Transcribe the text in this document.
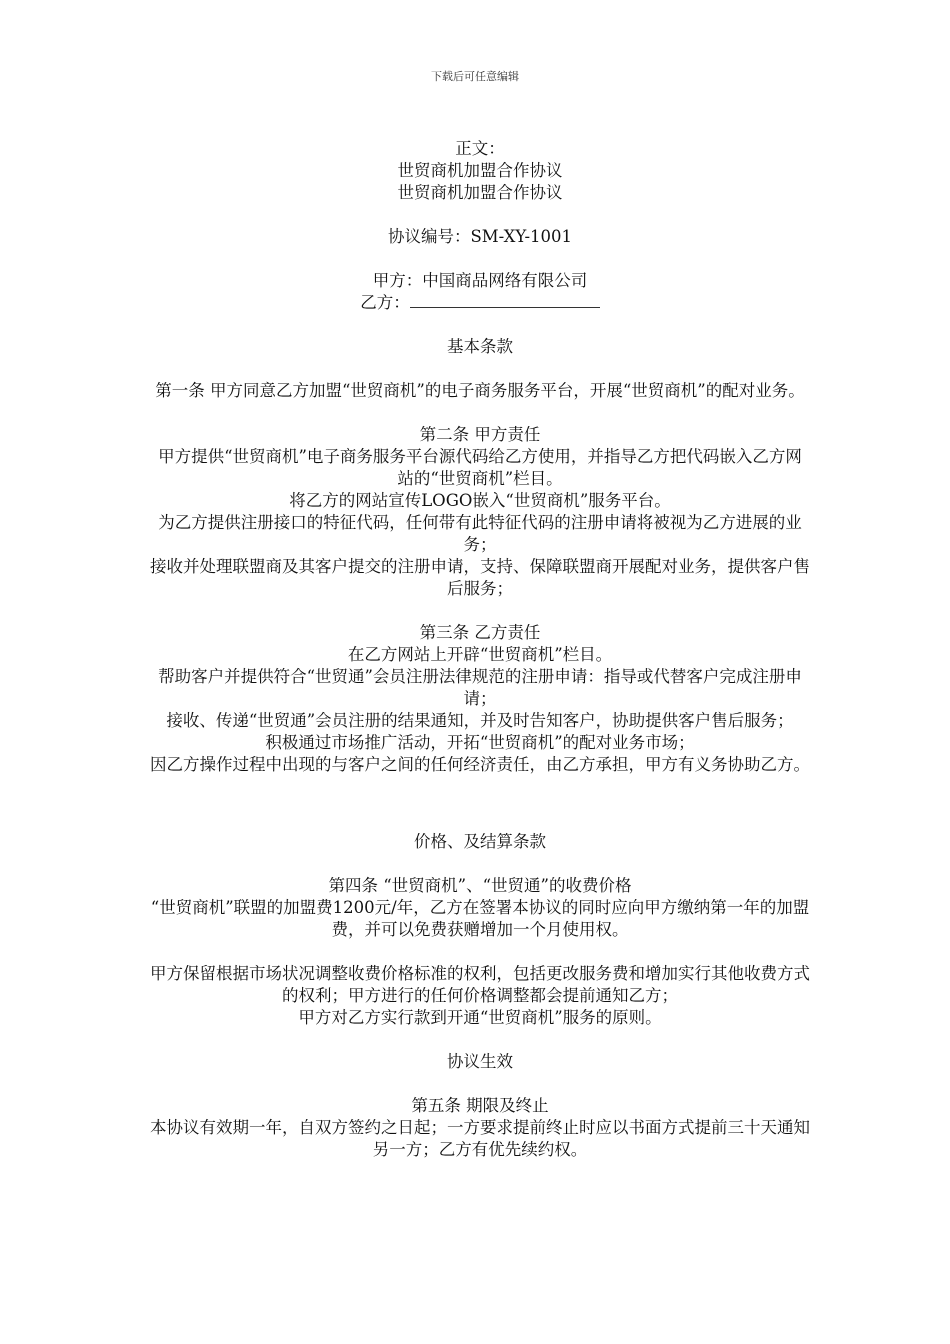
下载后可任意编辑

正文：

世贸商机加盟合作协议

世贸商机加盟合作协议

协议编号：SM-XY-1001

甲方：中国商品网络有限公司

乙方：

基本条款

第一条 甲方同意乙方加盟“世贸商机”的电子商务服务平台，开展“世贸商机”的配对业务。

第二条 甲方责任

甲方提供“世贸商机”电子商务服务平台源代码给乙方使用，并指导乙方把代码嵌入乙方网站的“世贸商机”栏目。

将乙方的网站宣传LOGO嵌入“世贸商机”服务平台。

为乙方提供注册接口的特征代码，任何带有此特征代码的注册申请将被视为乙方进展的业务；

接收并处理联盟商及其客户提交的注册申请，支持、保障联盟商开展配对业务，提供客户售后服务；

第三条 乙方责任

在乙方网站上开辟“世贸商机”栏目。

帮助客户并提供符合“世贸通”会员注册法律规范的注册申请：指导或代替客户完成注册申请；

接收、传递“世贸通”会员注册的结果通知，并及时告知客户，协助提供客户售后服务；

积极通过市场推广活动，开拓“世贸商机”的配对业务市场；

因乙方操作过程中出现的与客户之间的任何经济责任，由乙方承担，甲方有义务协助乙方。

价格、及结算条款

第四条 “世贸商机”、“世贸通”的收费价格

“世贸商机”联盟的加盟费1200元/年，乙方在签署本协议的同时应向甲方缴纳第一年的加盟费，并可以免费获赠增加一个月使用权。

甲方保留根据市场状况调整收费价格标准的权利，包括更改服务费和增加实行其他收费方式的权利；甲方进行的任何价格调整都会提前通知乙方；

甲方对乙方实行款到开通“世贸商机”服务的原则。

协议生效

第五条 期限及终止

本协议有效期一年，自双方签约之日起；一方要求提前终止时应以书面方式提前三十天通知另一方；乙方有优先续约权。
